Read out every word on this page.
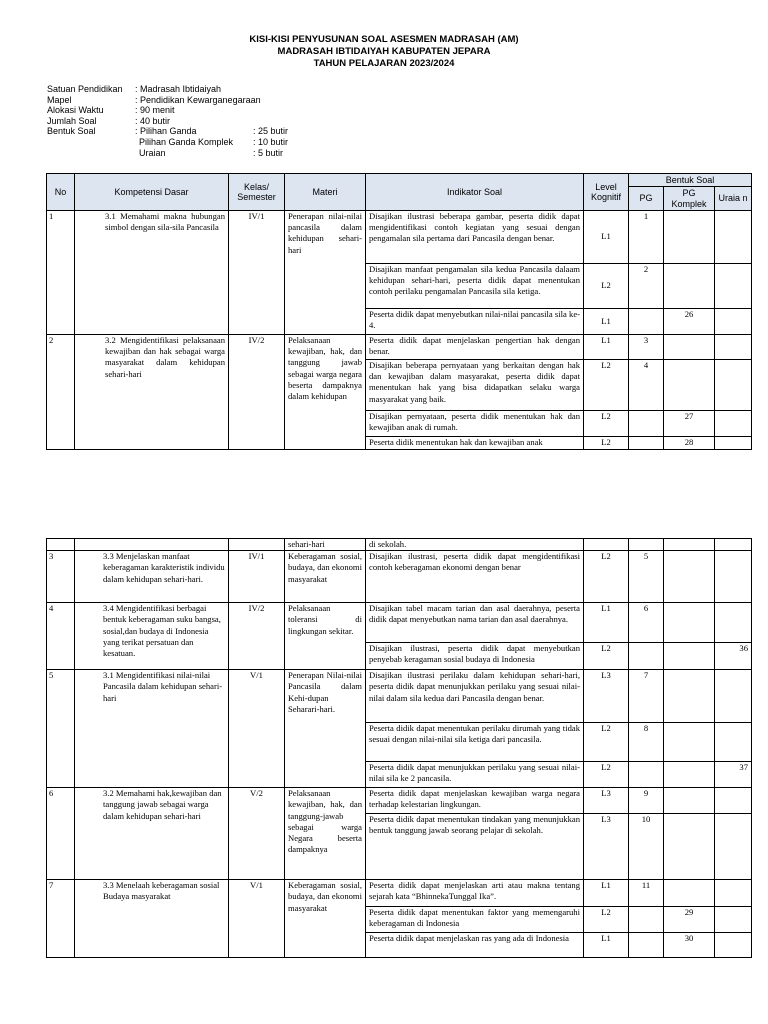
KISI-KISI PENYUSUNAN SOAL ASESMEN MADRASAH (AM)
MADRASAH IBTIDAIYAH KABUPATEN JEPARA
TAHUN PELAJARAN 2023/2024
Satuan Pendidikan : Madrasah Ibtidaiyah
Mapel	: Pendidikan Kewarganegaraan
Alokasi Waktu	: 90 menit
Jumlah Soal	: 40 butir
Bentuk Soal	: Pilihan Ganda	: 25 butir
Pilihan Ganda Komplek : 10 butir
Uraian	: 5 butir
No	Kompetensi Dasar	Kelas/ Semester	Materi	Indikator Soal	Level Kognitif	Bentuk Soal		
						PG	PG Komplek	Uraia n
1	3.1 Memahami makna hubungan simbol dengan sila-sila Pancasila	IV/1	Penerapan nilai-nilai pancasila dalam kehidupan sehari-hari	Disajikan ilustrasi beberapa gambar, peserta didik dapat mengidentifikasi contoh kegiatan yang sesuai dengan pengamalan sila pertama dari Pancasila dengan benar.	L1	1		
				Disajikan manfaat pengamalan sila kedua Pancasila dalaam kehidupan sehari-hari, peserta didik dapat menentukan contoh perilaku pengamalan Pancasila sila ketiga.	L2	2		
				Peserta didik dapat menyebutkan nilai-nilai pancasila sila ke-4.	L1		26	
2	3.2 Mengidentifikasi pelaksanaan kewajiban dan hak sebagai warga masyarakat dalam kehidupan sehari-hari	IV/2	Pelaksanaan kewajiban, hak, dan tanggung jawab sebagai warga negara beserta dampaknya dalam kehidupan	Peserta didik dapat menjelaskan pengertian hak dengan benar.	L1	3		
				Disajikan beberapa pernyataan yang berkaitan dengan hak dan kewajiban dalam masyarakat, peserta didik dapat menentukan hak yang bisa didapatkan selaku warga masyarakat yang baik.	L2	4		
				Disajikan pernyataan, peserta didik menentukan hak dan kewajiban anak di rumah.	L2		27	
				Peserta didik menentukan hak dan kewajiban anak	L2		28	
			sehari-hari	di sekolah.				
3	3.3 Menjelaskan manfaat keberagaman karakteristik individu dalam kehidupan sehari-hari.	IV/1	Keberagaman sosial, budaya, dan ekonomi masyarakat	Disajikan ilustrasi, peserta didik dapat mengidentifikasi contoh keberagaman ekonomi dengan benar	L2	5		
4	3.4 Mengidentifikasi berbagai bentuk keberagaman suku bangsa, sosial,dan budaya di Indonesia yang terikat persatuan dan kesatuan.	IV/2	Pelaksanaan toleransi di lingkungan sekitar.	Disajikan tabel macam tarian dan asal daerahnya, peserta didik dapat menyebutkan nama tarian dan asal daerahnya.	L1	6		
				Disajikan ilustrasi, peserta didik dapat menyebutkan penyebab keragaman sosial budaya di Indonesia	L2			36
5	3.1 Mengidentifikasi nilai-nilai Pancasila dalam kehidupan sehari-hari	V/1	Penerapan Nilai-nilai Pancasila dalam Kehi-dupan Seharari-hari.	Disajikan ilustrasi perilaku dalam kehidupan sehari-hari, peserta didik dapat menunjukkan perilaku yang sesuai nilai-nilai dalam sila kedua dari Pancasila dengan benar.	L3	7		
				Peserta didik dapat menentukan perilaku dirumah yang tidak sesuai dengan nilai-nilai sila ketiga dari pancasila.	L2	8		
				Peserta didik dapat menunjukkan perilaku yang sesuai nilai-nilai sila ke 2 pancasila.	L2			37
6	3.2 Memahami hak,kewajiban dan tanggung jawab sebagai warga dalam kehidupan sehari-hari	V/2	Pelaksanaan kewajiban, hak, dan tanggung-jawab sebagai warga Negara beserta dampaknya	Peserta didik dapat menjelaskan kewajiban warga negara terhadap kelestarian lingkungan.	L3	9		
				Peserta didik dapat menentukan tindakan yang menunjukkan bentuk tanggung jawab seorang pelajar di sekolah.	L3	10		
7	3.3 Menelaah keberagaman sosial Budaya masyarakat	V/1	Keberagaman sosial, budaya, dan ekonomi masyarakat	Peserta didik dapat menjelaskan arti atau makna tentang sejarah kata “BhinnekaTunggal Ika”.	L1	11		
				Peserta didik dapat menentukan faktor yang memengaruhi keberagaman di Indonesia	L2		29	
				Peserta didik dapat menjelaskan ras yang ada di Indonesia	L1		30	
